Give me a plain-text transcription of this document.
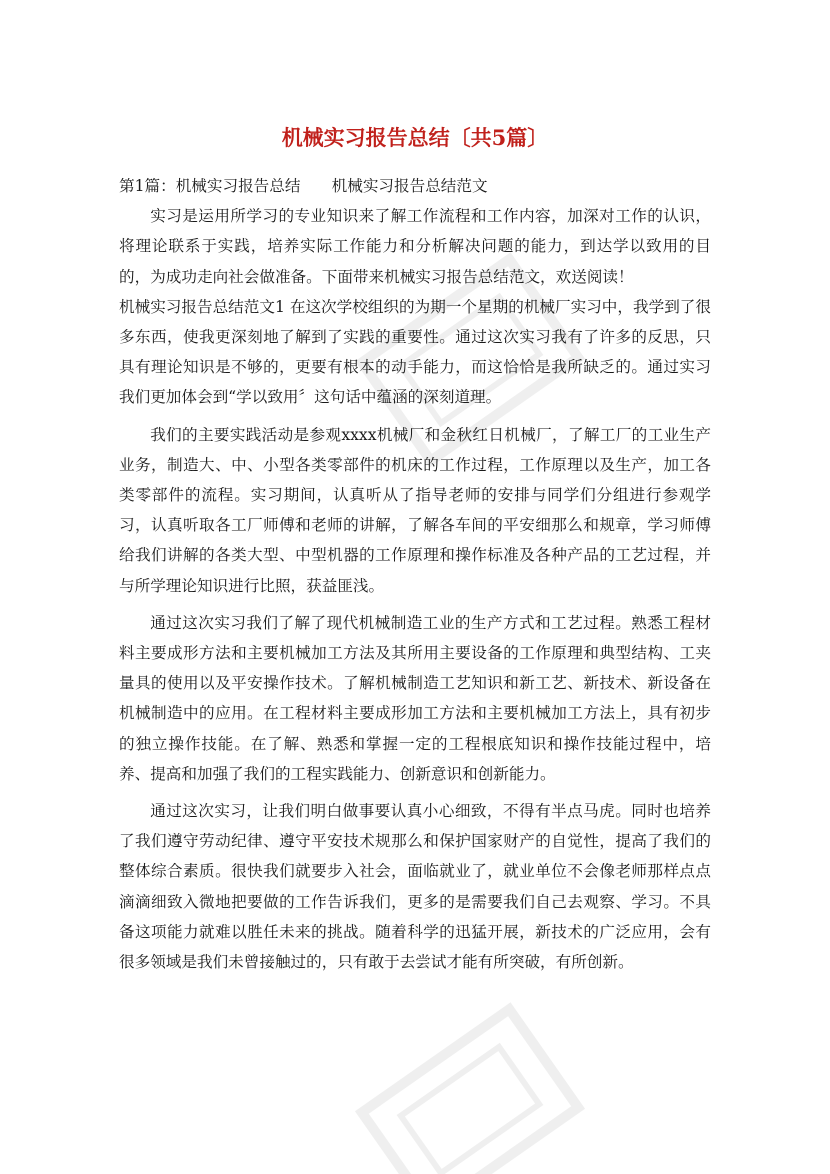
机械实习报告总结〔共5篇〕

第1篇：机械实习报告总结　　机械实习报告总结范文

实习是运用所学习的专业知识来了解工作流程和工作内容，加深对工作的认识，将理论联系于实践，培养实际工作能力和分析解决问题的能力，到达学以致用的目的，为成功走向社会做准备。下面带来机械实习报告总结范文，欢送阅读！

机械实习报告总结范文1 在这次学校组织的为期一个星期的机械厂实习中，我学到了很多东西，使我更深刻地了解到了实践的重要性。通过这次实习我有了许多的反思，只具有理论知识是不够的，更要有根本的动手能力，而这恰恰是我所缺乏的。通过实习我们更加体会到“学以致用〞这句话中蕴涵的深刻道理。

我们的主要实践活动是参观xxxx机械厂和金秋红日机械厂，了解工厂的工业生产业务，制造大、中、小型各类零部件的机床的工作过程，工作原理以及生产，加工各类零部件的流程。实习期间，认真听从了指导老师的安排与同学们分组进行参观学习，认真听取各工厂师傅和老师的讲解，了解各车间的平安细那么和规章，学习师傅给我们讲解的各类大型、中型机器的工作原理和操作标准及各种产品的工艺过程，并与所学理论知识进行比照，获益匪浅。

通过这次实习我们了解了现代机械制造工业的生产方式和工艺过程。熟悉工程材料主要成形方法和主要机械加工方法及其所用主要设备的工作原理和典型结构、工夹量具的使用以及平安操作技术。了解机械制造工艺知识和新工艺、新技术、新设备在机械制造中的应用。在工程材料主要成形加工方法和主要机械加工方法上，具有初步的独立操作技能。在了解、熟悉和掌握一定的工程根底知识和操作技能过程中，培养、提高和加强了我们的工程实践能力、创新意识和创新能力。

通过这次实习，让我们明白做事要认真小心细致，不得有半点马虎。同时也培养了我们遵守劳动纪律、遵守平安技术规那么和保护国家财产的自觉性，提高了我们的整体综合素质。很快我们就要步入社会，面临就业了，就业单位不会像老师那样点点滴滴细致入微地把要做的工作告诉我们，更多的是需要我们自己去观察、学习。不具备这项能力就难以胜任未来的挑战。随着科学的迅猛开展，新技术的广泛应用，会有很多领域是我们未曾接触过的，只有敢于去尝试才能有所突破，有所创新。
